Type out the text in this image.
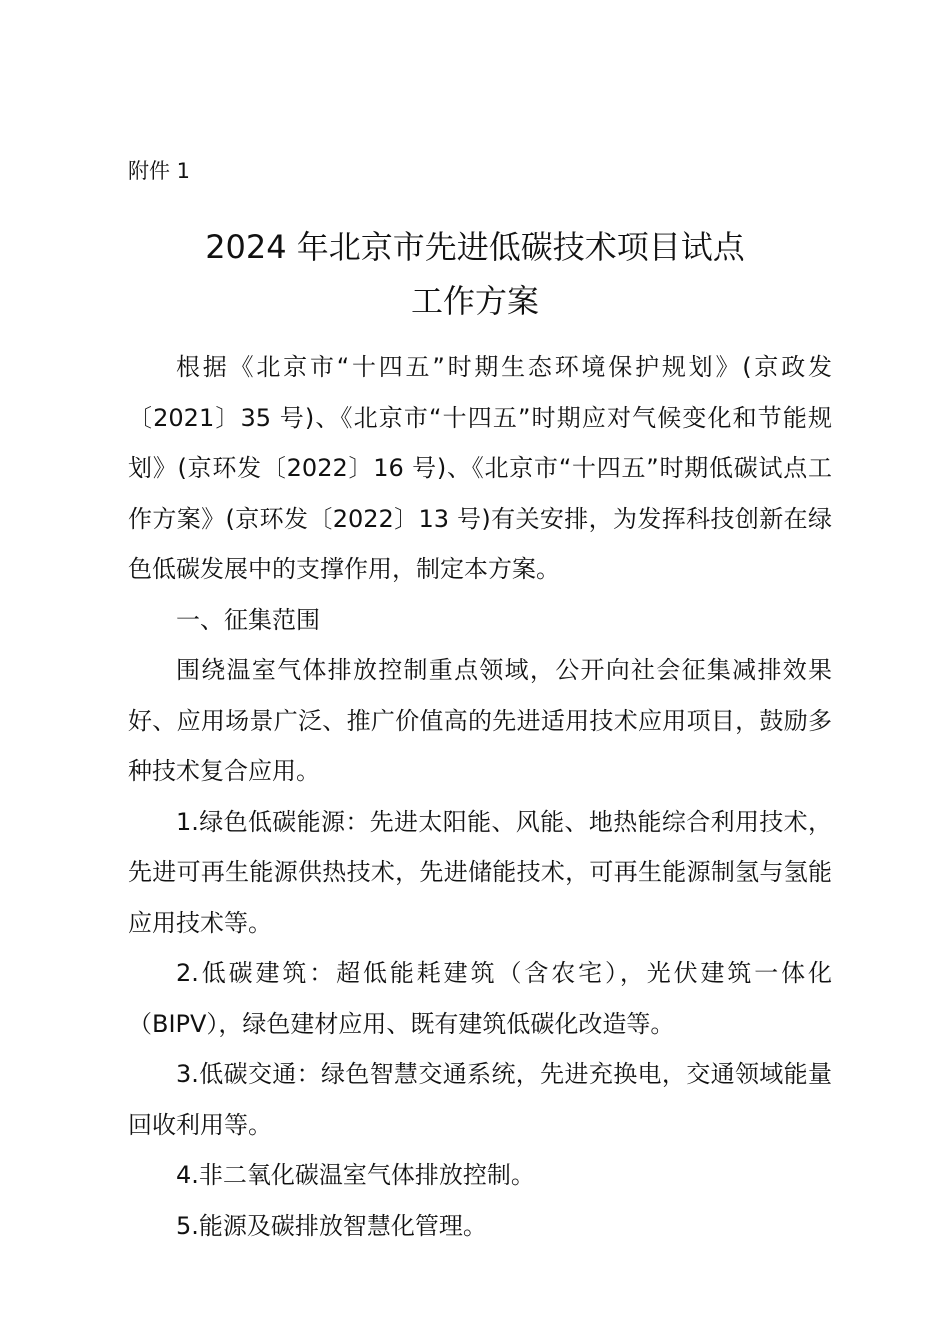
附件 1
2024 年北京市先进低碳技术项目试点
工作方案

根据《北京市“十四五”时期生态环境保护规划》(京政发〔2021〕35 号)、《北京市“十四五”时期应对气候变化和节能规划》(京环发〔2022〕16 号)、《北京市“十四五”时期低碳试点工作方案》(京环发〔2022〕13 号)有关安排，为发挥科技创新在绿色低碳发展中的支撑作用，制定本方案。

一、征集范围

围绕温室气体排放控制重点领域，公开向社会征集减排效果好、应用场景广泛、推广价值高的先进适用技术应用项目，鼓励多种技术复合应用。

1.绿色低碳能源：先进太阳能、风能、地热能综合利用技术，先进可再生能源供热技术，先进储能技术，可再生能源制氢与氢能应用技术等。

2.低碳建筑：超低能耗建筑（含农宅），光伏建筑一体化（BIPV），绿色建材应用、既有建筑低碳化改造等。

3.低碳交通：绿色智慧交通系统，先进充换电，交通领域能量回收利用等。

4.非二氧化碳温室气体排放控制。

5.能源及碳排放智慧化管理。
